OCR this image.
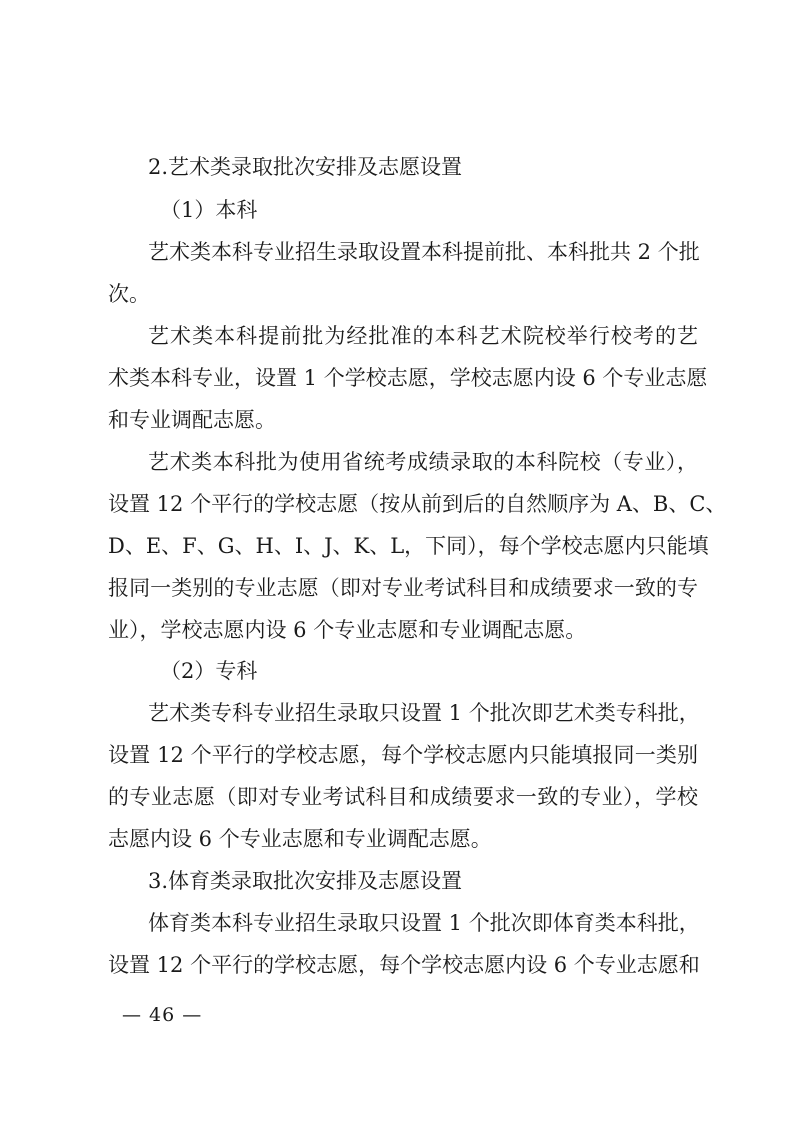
2.艺术类录取批次安排及志愿设置
（1）本科
艺术类本科专业招生录取设置本科提前批、本科批共 2 个批
次。
艺术类本科提前批为经批准的本科艺术院校举行校考的艺
术类本科专业，设置 1 个学校志愿，学校志愿内设 6 个专业志愿
和专业调配志愿。
艺术类本科批为使用省统考成绩录取的本科院校（专业），
设置 12 个平行的学校志愿（按从前到后的自然顺序为 A、B、C、
D、E、F、G、H、I、J、K、L，下同），每个学校志愿内只能填
报同一类别的专业志愿（即对专业考试科目和成绩要求一致的专
业），学校志愿内设 6 个专业志愿和专业调配志愿。
（2）专科
艺术类专科专业招生录取只设置 1 个批次即艺术类专科批，
设置 12 个平行的学校志愿，每个学校志愿内只能填报同一类别
的专业志愿（即对专业考试科目和成绩要求一致的专业），学校
志愿内设 6 个专业志愿和专业调配志愿。
3.体育类录取批次安排及志愿设置
体育类本科专业招生录取只设置 1 个批次即体育类本科批，
设置 12 个平行的学校志愿，每个学校志愿内设 6 个专业志愿和
— 46 —
